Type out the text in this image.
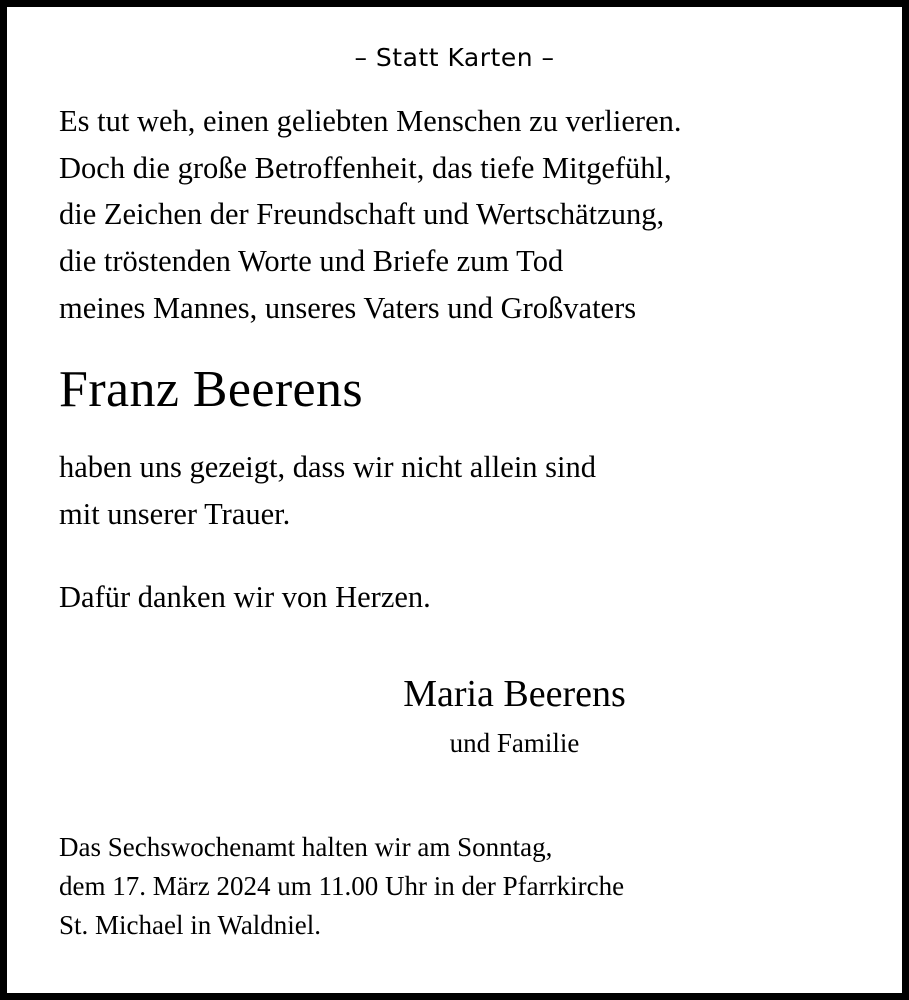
– Statt Karten –
Es tut weh, einen geliebten Menschen zu verlieren.
Doch die große Betroffenheit, das tiefe Mitgefühl,
die Zeichen der Freundschaft und Wertschätzung,
die tröstenden Worte und Briefe zum Tod
meines Mannes, unseres Vaters und Großvaters
Franz Beerens
haben uns gezeigt, dass wir nicht allein sind
mit unserer Trauer.
Dafür danken wir von Herzen.
Maria Beerens
und Familie
Das Sechswochenamt halten wir am Sonntag,
dem 17. März 2024 um 11.00 Uhr in der Pfarrkirche
St. Michael in Waldniel.
